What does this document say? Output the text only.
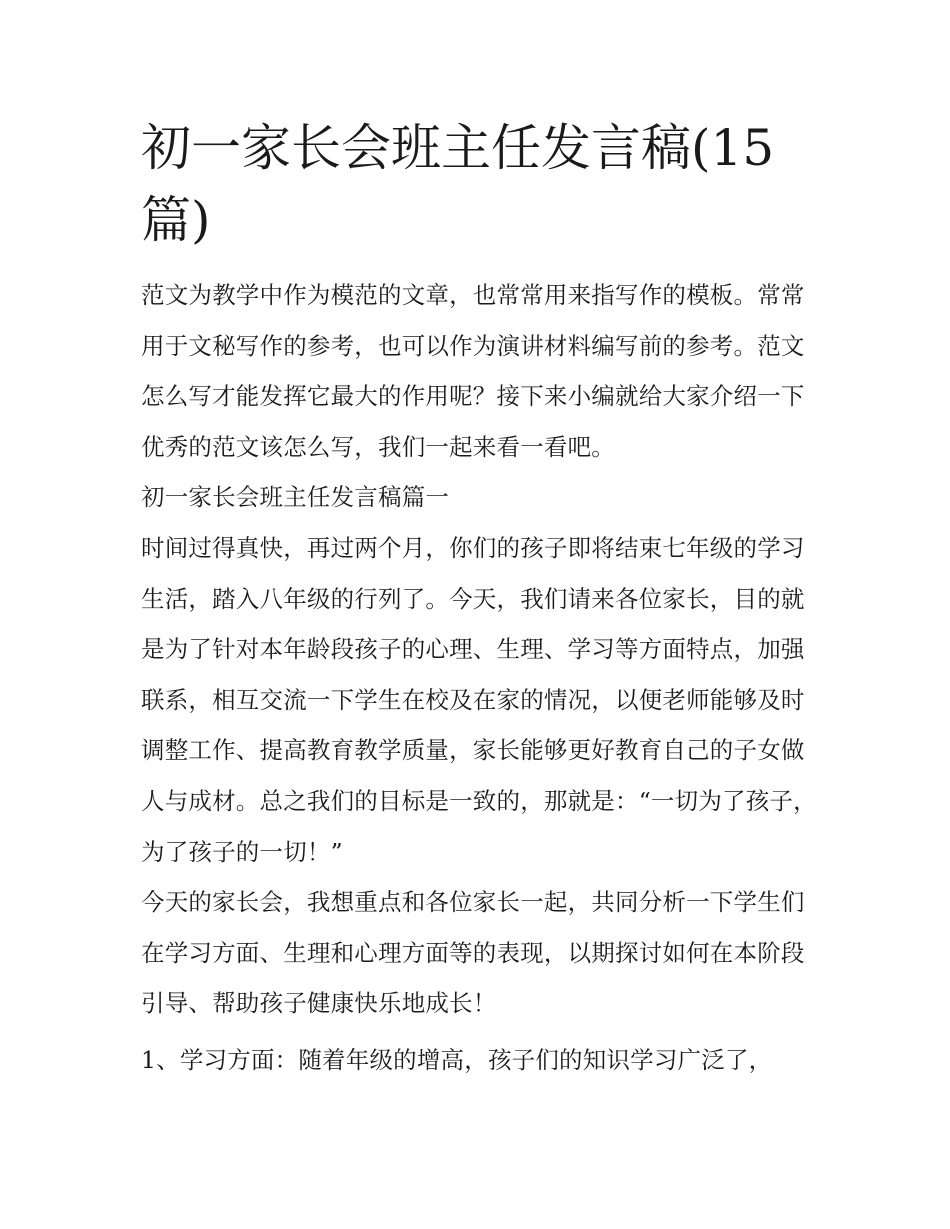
初一家长会班主任发言稿(15篇)

范文为教学中作为模范的文章，也常常用来指写作的模板。常常用于文秘写作的参考，也可以作为演讲材料编写前的参考。范文怎么写才能发挥它最大的作用呢？接下来小编就给大家介绍一下优秀的范文该怎么写，我们一起来看一看吧。

初一家长会班主任发言稿篇一

时间过得真快，再过两个月，你们的孩子即将结束七年级的学习生活，踏入八年级的行列了。今天，我们请来各位家长，目的就是为了针对本年龄段孩子的心理、生理、学习等方面特点，加强联系，相互交流一下学生在校及在家的情况，以便老师能够及时调整工作、提高教育教学质量，家长能够更好教育自己的子女做人与成材。总之我们的目标是一致的，那就是：“一切为了孩子，为了孩子的一切！”

今天的家长会，我想重点和各位家长一起，共同分析一下学生们在学习方面、生理和心理方面等的表现，以期探讨如何在本阶段引导、帮助孩子健康快乐地成长！

1、学习方面：随着年级的增高，孩子们的知识学习广泛了，
